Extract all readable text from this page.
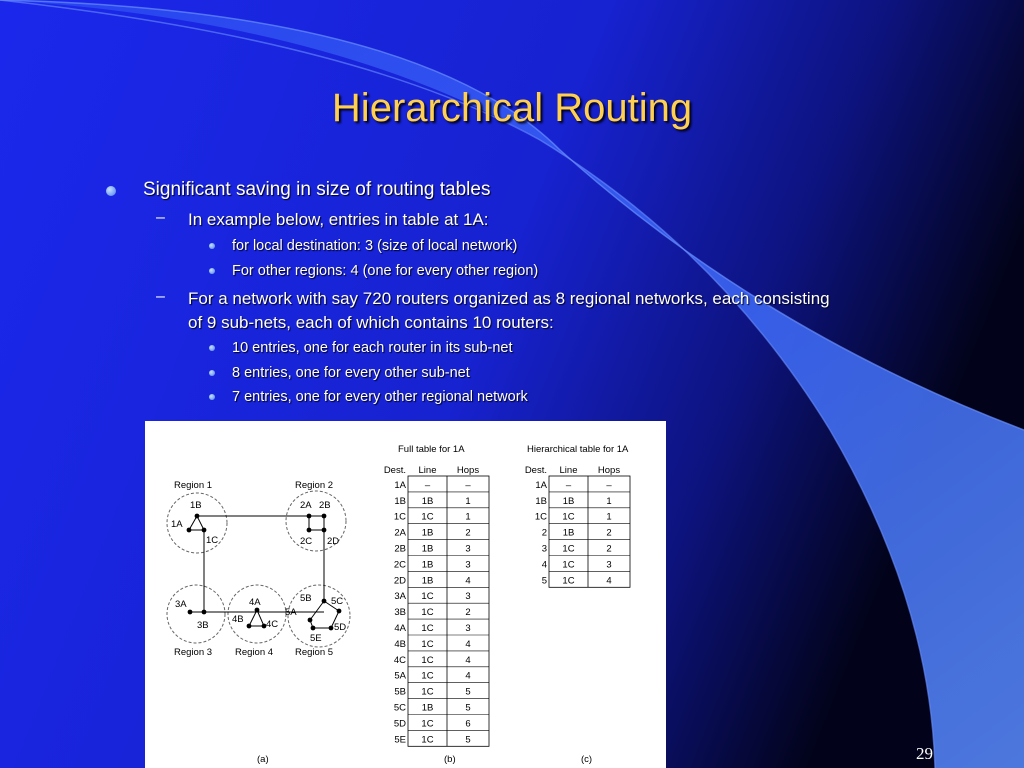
Hierarchical Routing
Significant saving in size of routing tables
– In example below, entries in table at 1A:
for local destination: 3 (size of local network)
For other regions: 4 (one for every other region)
– For a network with say 720 routers organized as 8 regional networks, each consisting
of 9 sub-nets, each of which contains 10 routers:
10 entries, one for each router in its sub-net
8 entries, one for every other sub-net
7 entries, one for every other regional network
Region 1	Region 2
Region 3 Region 4 Region 5
1B
1A
1C
2A 2B
2C 2D
3A
3B
4A
4B 4C
5A
5B 5C
5D
5E
Full table for 1A
Dest. Line Hops
1A –	–
1B 1B	1
1C 1C	1
2A 1B	2
2B 1B	3
2C 1B	3
2D 1B	4
3A 1C	3
3B 1C	2
4A 1C	3
4B 1C	4
4C 1C	4
5A 1C	4
5B 1C	5
5C 1B	5
5D 1C	6
5E 1C	5
Hierarchical table for 1A
Dest. Line Hops
1A –	–
1B 1B	1
1C 1C	1
2 1B	2
3 1C	2
4 1C	3
5 1C	4
(a)	(b)	(c)	29
